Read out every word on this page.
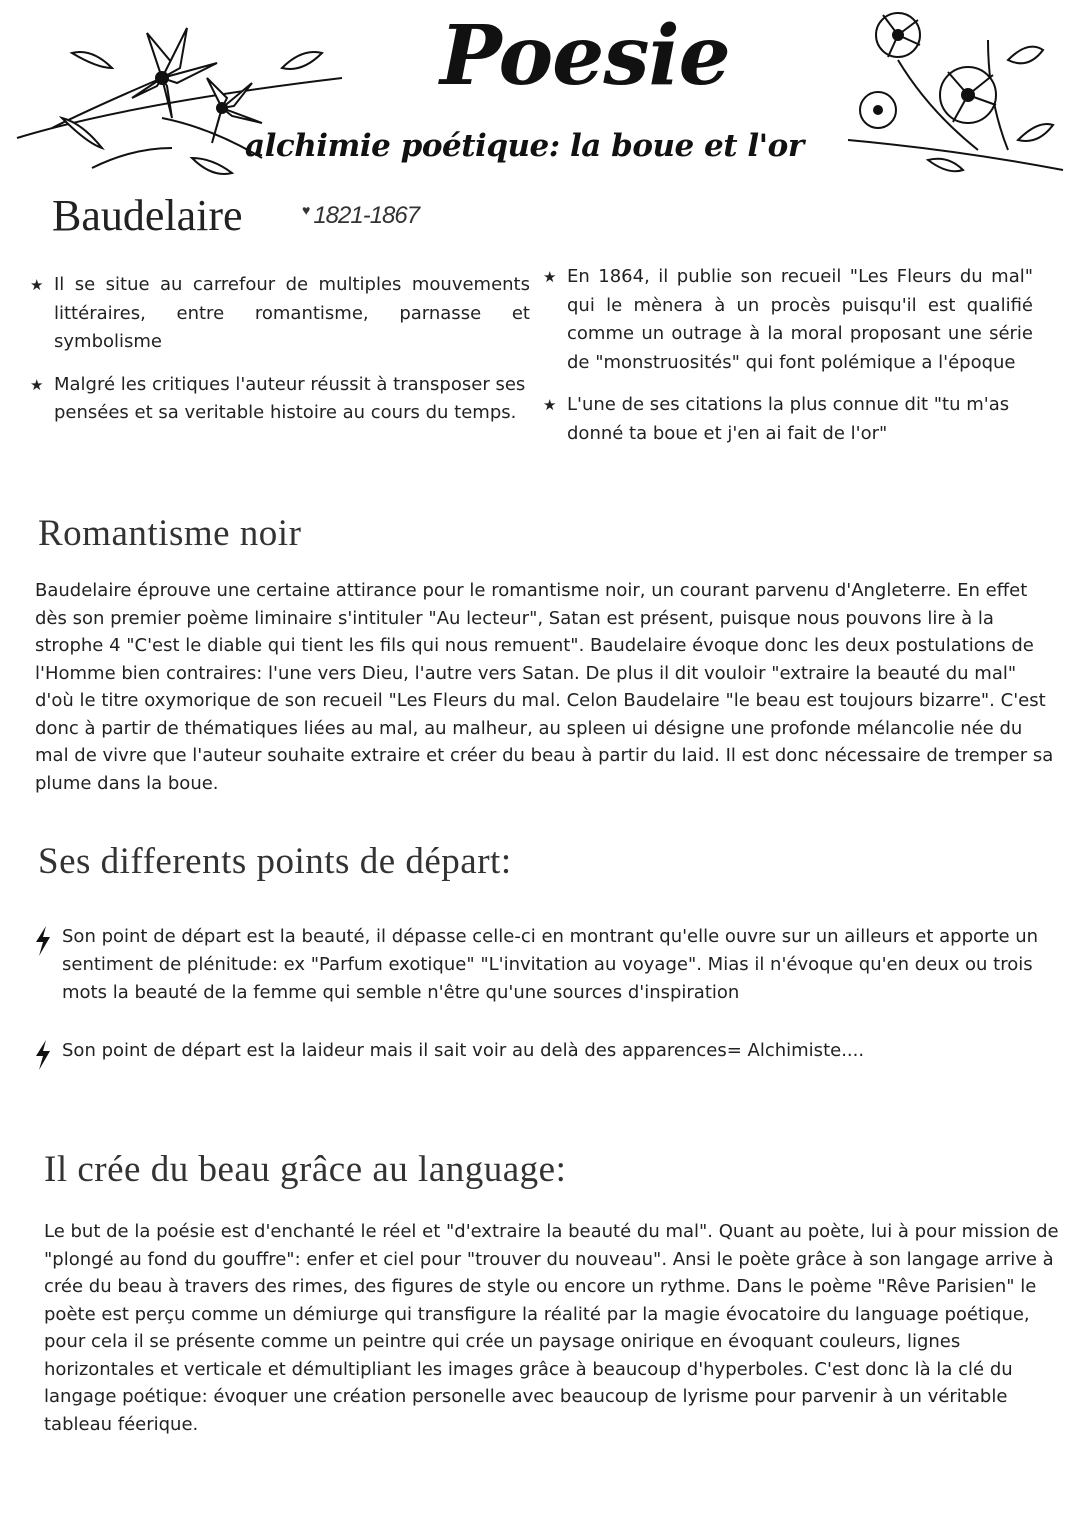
Poesie
alchimie poétique: la boue et l'or
Baudelaire	♥ 1821-1867
★ Il se situe au carrefour de multiples mouvements littéraires, entre romantisme, parnasse et symbolisme
★ Malgré les critiques l'auteur réussit à transposer ses pensées et sa veritable histoire au cours du temps.
★ En 1864, il publie son recueil "Les Fleurs du mal" qui le mènera à un procès puisqu'il est qualifié comme un outrage à la moral proposant une série de "monstruosités" qui font polémique a l'époque
★ L'une de ses citations la plus connue dit "tu m'as donné ta boue et j'en ai fait de l'or"
Romantisme noir
Baudelaire éprouve une certaine attirance pour le romantisme noir, un courant parvenu d'Angleterre. En effet dès son premier poème liminaire s'intituler "Au lecteur", Satan est présent, puisque nous pouvons lire à la strophe 4 "C'est le diable qui tient les fils qui nous remuent". Baudelaire évoque donc les deux postulations de l'Homme bien contraires: l'une vers Dieu, l'autre vers Satan. De plus il dit vouloir "extraire la beauté du mal" d'où le titre oxymorique de son recueil "Les Fleurs du mal. Celon Baudelaire "le beau est toujours bizarre". C'est donc à partir de thématiques liées au mal, au malheur, au spleen ui désigne une profonde mélancolie née du mal de vivre que l'auteur souhaite extraire et créer du beau à partir du laid. Il est donc nécessaire de tremper sa plume dans la boue.
Ses differents points de départ:
Son point de départ est la beauté, il dépasse celle-ci en montrant qu'elle ouvre sur un ailleurs et apporte un sentiment de plénitude: ex "Parfum exotique" "L'invitation au voyage". Mias il n'évoque qu'en deux ou trois mots la beauté de la femme qui semble n'être qu'une sources d'inspiration
Son point de départ est la laideur mais il sait voir au delà des apparences= Alchimiste....
Il crée du beau grâce au language:
Le but de la poésie est d'enchanté le réel et "d'extraire la beauté du mal". Quant au poète, lui à pour mission de "plongé au fond du gouffre": enfer et ciel pour "trouver du nouveau". Ansi le poète grâce à son langage arrive à crée du beau à travers des rimes, des figures de style ou encore un rythme. Dans le poème "Rêve Parisien" le poète est perçu comme un démiurge qui transfigure la réalité par la magie évocatoire du language poétique, pour cela il se présente comme un peintre qui crée un paysage onirique en évoquant couleurs, lignes horizontales et verticale et démultipliant les images grâce à beaucoup d'hyperboles. C'est donc là la clé du langage poétique: évoquer une création personelle avec beaucoup de lyrisme pour parvenir à un véritable tableau féerique.
